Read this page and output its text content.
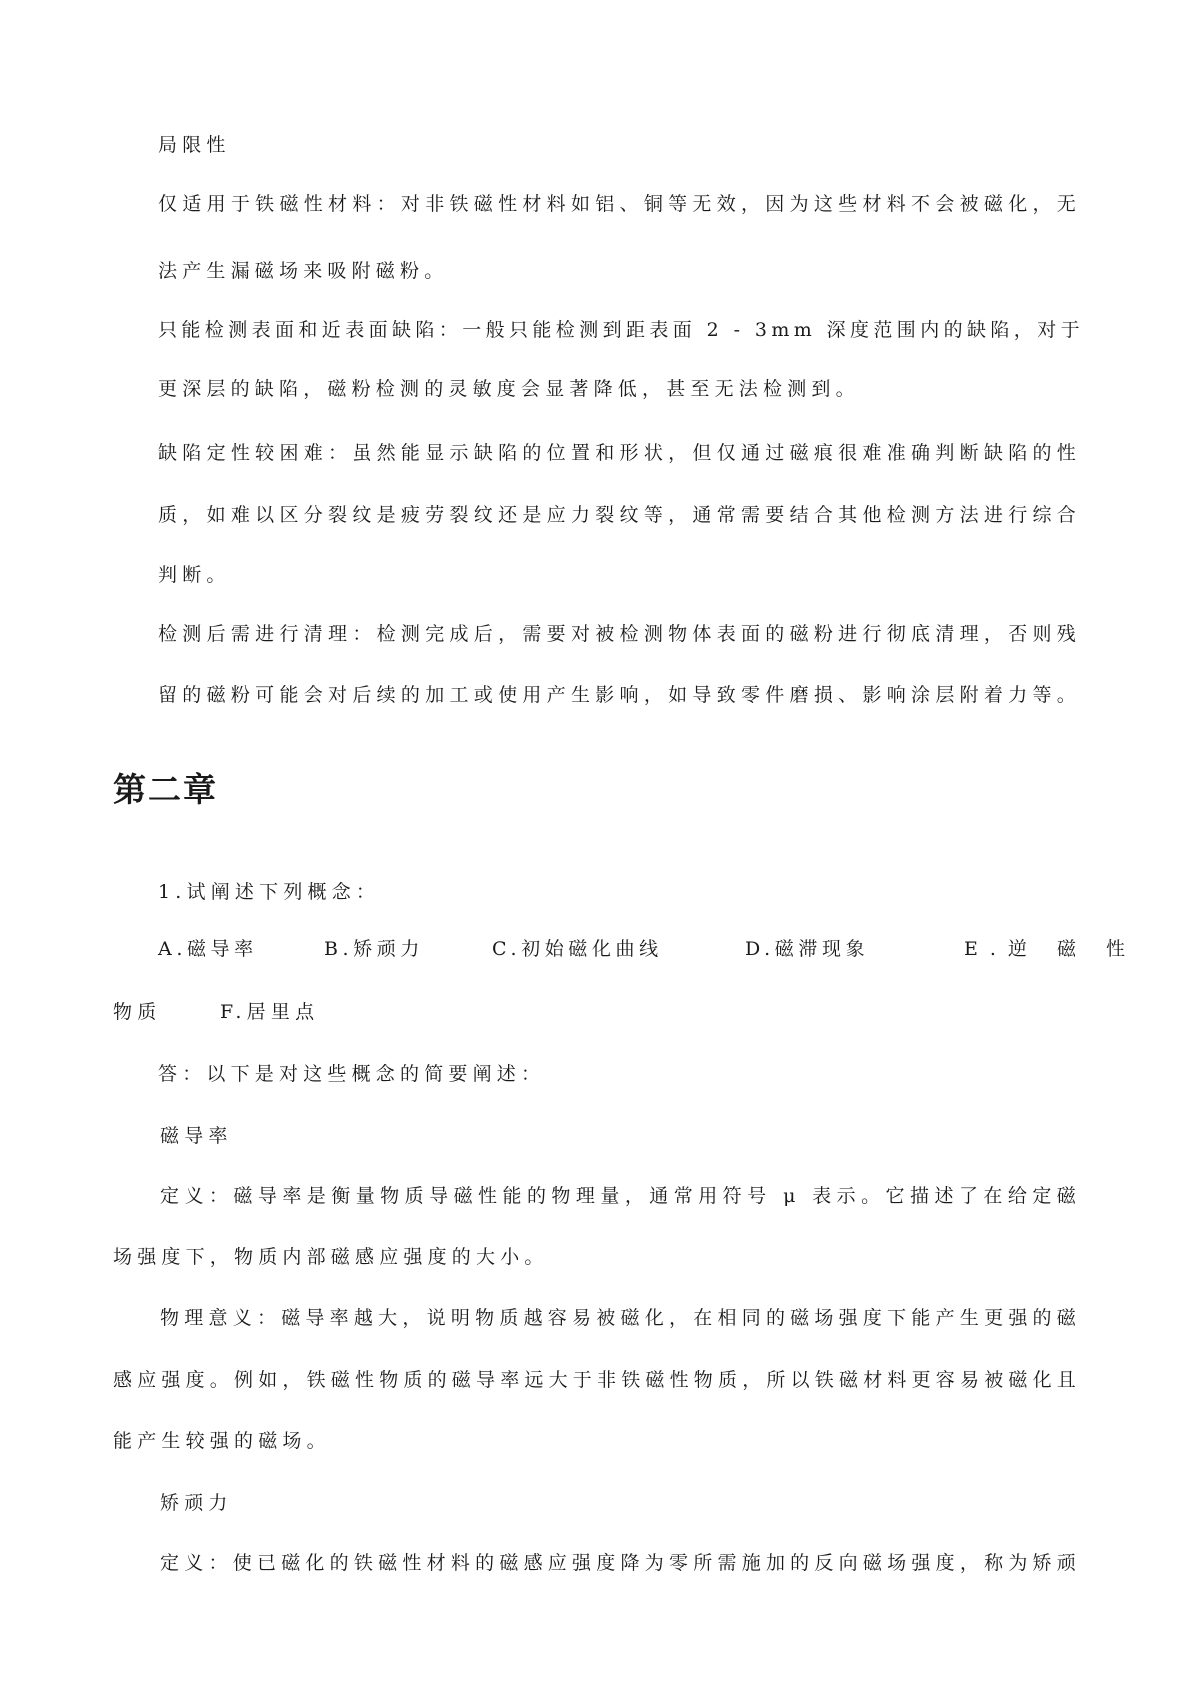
局限性
仅适用于铁磁性材料：对非铁磁性材料如铝、铜等无效，因为这些材料不会被磁化，无
法产生漏磁场来吸附磁粉。
只能检测表面和近表面缺陷：一般只能检测到距表面 2 - 3mm 深度范围内的缺陷，对于
更深层的缺陷，磁粉检测的灵敏度会显著降低，甚至无法检测到。
缺陷定性较困难：虽然能显示缺陷的位置和形状，但仅通过磁痕很难准确判断缺陷的性
质，如难以区分裂纹是疲劳裂纹还是应力裂纹等，通常需要结合其他检测方法进行综合
判断。
检测后需进行清理：检测完成后，需要对被检测物体表面的磁粉进行彻底清理，否则残
留的磁粉可能会对后续的加工或使用产生影响，如导致零件磨损、影响涂层附着力等。
第二章
1.试阐述下列概念：
A.磁导率	B.矫顽力	C.初始磁化曲线	D.磁滞现象	E.逆 磁 性
物质	F.居里点
答：以下是对这些概念的简要阐述：
磁导率
定义：磁导率是衡量物质导磁性能的物理量，通常用符号 μ 表示。它描述了在给定磁
场强度下，物质内部磁感应强度的大小。
物理意义：磁导率越大，说明物质越容易被磁化，在相同的磁场强度下能产生更强的磁
感应强度。例如，铁磁性物质的磁导率远大于非铁磁性物质，所以铁磁材料更容易被磁化且
能产生较强的磁场。
矫顽力
定义：使已磁化的铁磁性材料的磁感应强度降为零所需施加的反向磁场强度，称为矫顽
